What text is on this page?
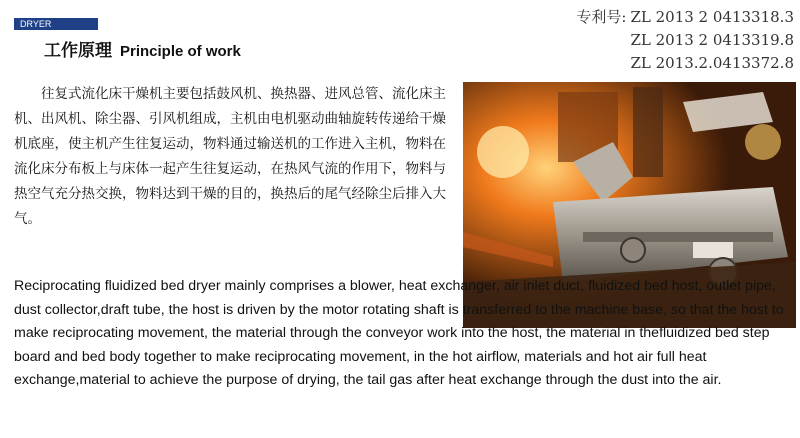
DRYER
工作原理 Principle of work
专利号: ZL 2013 2 0413318.3
ZL 2013 2 0413319.8
ZL 2013.2.0413372.8

往复式流化床干燥机主要包括鼓风机、换热器、进风总管、流化床主机、出风机、除尘器、引风机组成，主机由电机驱动曲轴旋转传递给干燥机底座，使主机产生往复运动，物料通过输送机的工作进入主机，物料在流化床分布板上与床体一起产生往复运动，在热风气流的作用下，物料与热空气充分热交换，物料达到干燥的目的，换热后的尾气经除尘后排入大气。

Reciprocating fluidized bed dryer mainly comprises a blower, heat exchanger, air inlet duct, fluidized bed host, outlet pipe, dust collector,draft tube, the host is driven by the motor rotating shaft is transferred to the machine base, so that the host to make reciprocating movement, the material through the conveyor work into the host, the material in thefluidized bed step board and bed body together to make reciprocating movement, in the hot airflow, materials and hot air full heat exchange,material to achieve the purpose of drying, the tail gas after heat exchange through the dust into the air.
